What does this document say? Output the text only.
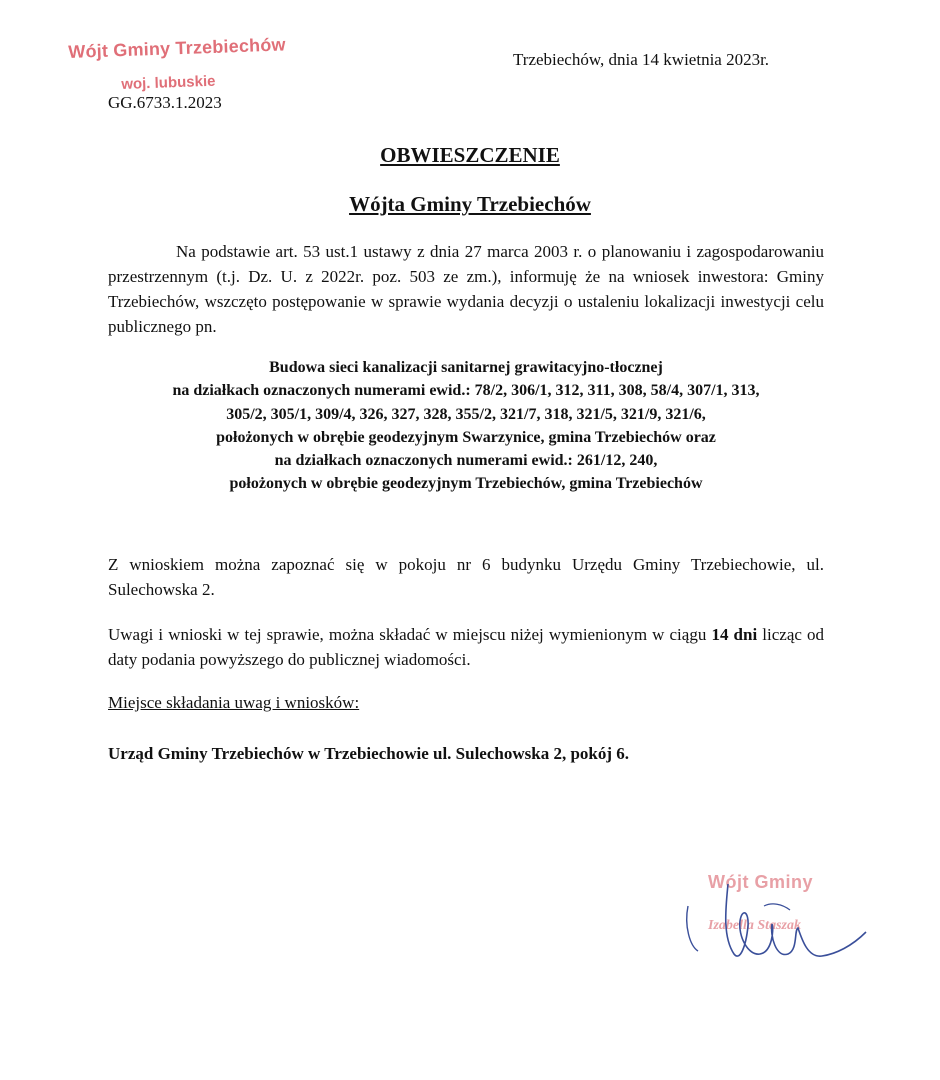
Wójt Gminy Trzebiechów
woj. lubuskie
GG.6733.1.2023
Trzebiechów, dnia 14 kwietnia 2023r.
OBWIESZCZENIE
Wójta Gminy Trzebiechów
Na podstawie art. 53 ust.1 ustawy z dnia 27 marca 2003 r. o planowaniu i zagospodarowaniu przestrzennym (t.j. Dz. U. z 2022r. poz. 503 ze zm.), informuję że na wniosek inwestora: Gminy Trzebiechów, wszczęto postępowanie w sprawie wydania decyzji o ustaleniu lokalizacji inwestycji celu publicznego pn.
Budowa sieci kanalizacji sanitarnej grawitacyjno-tłocznej
na działkach oznaczonych numerami ewid.: 78/2, 306/1, 312, 311, 308, 58/4, 307/1, 313,
305/2, 305/1, 309/4, 326, 327, 328, 355/2, 321/7, 318, 321/5, 321/9, 321/6,
położonych w obrębie geodezyjnym Swarzynice, gmina Trzebiechów oraz
na działkach oznaczonych numerami ewid.: 261/12, 240,
położonych w obrębie geodezyjnym Trzebiechów, gmina Trzebiechów
Z wnioskiem można zapoznać się w pokoju nr 6 budynku Urzędu Gminy Trzebiechowie, ul. Sulechowska 2.
Uwagi i wnioski w tej sprawie, można składać w miejscu niżej wymienionym w ciągu 14 dni licząc od daty podania powyższego do publicznej wiadomości.
Miejsce składania uwag i wniosków:
Urząd Gminy Trzebiechów w Trzebiechowie ul. Sulechowska 2, pokój 6.
Wójt Gminy
Izabella Staszak
